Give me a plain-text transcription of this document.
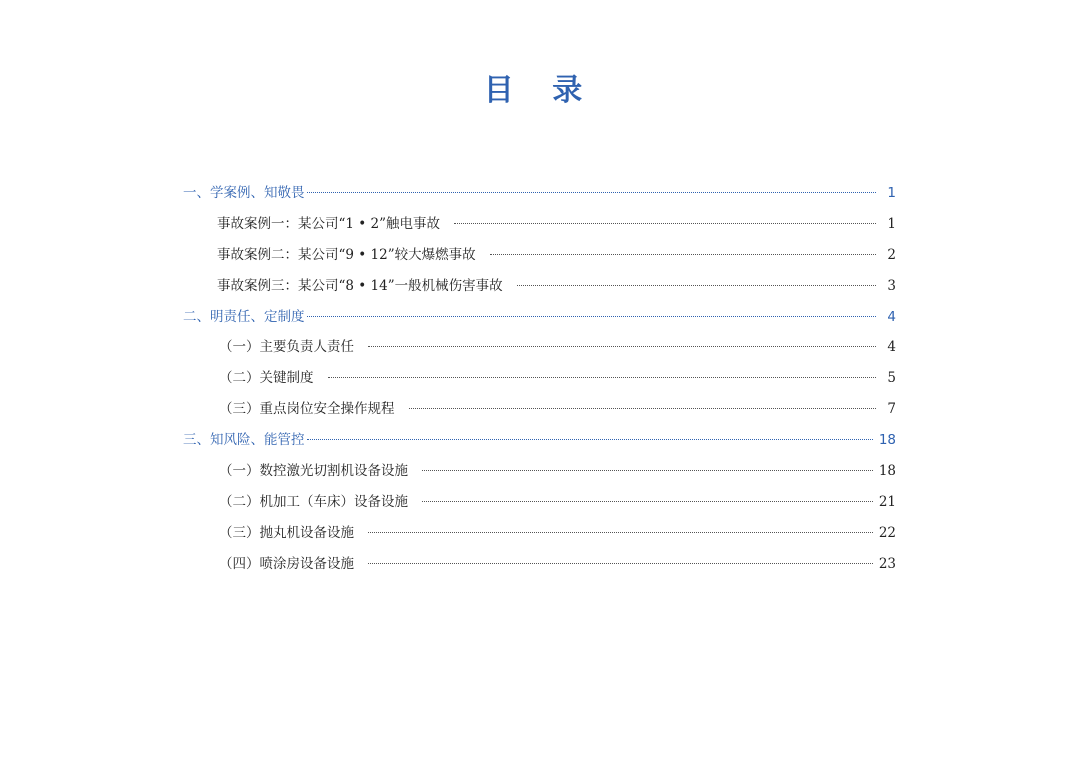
目 录
一、学案例、知敬畏	1
事故案例一：某公司“1 • 2”触电事故	1
事故案例二：某公司“9 • 12”较大爆燃事故	2
事故案例三：某公司“8 • 14”一般机械伤害事故	3
二、明责任、定制度	4
（一）主要负责人责任	4
（二）关键制度	5
（三）重点岗位安全操作规程	7
三、知风险、能管控	18
（一）数控激光切割机设备设施	18
（二）机加工（车床）设备设施	21
（三）抛丸机设备设施	22
（四）喷涂房设备设施	23
